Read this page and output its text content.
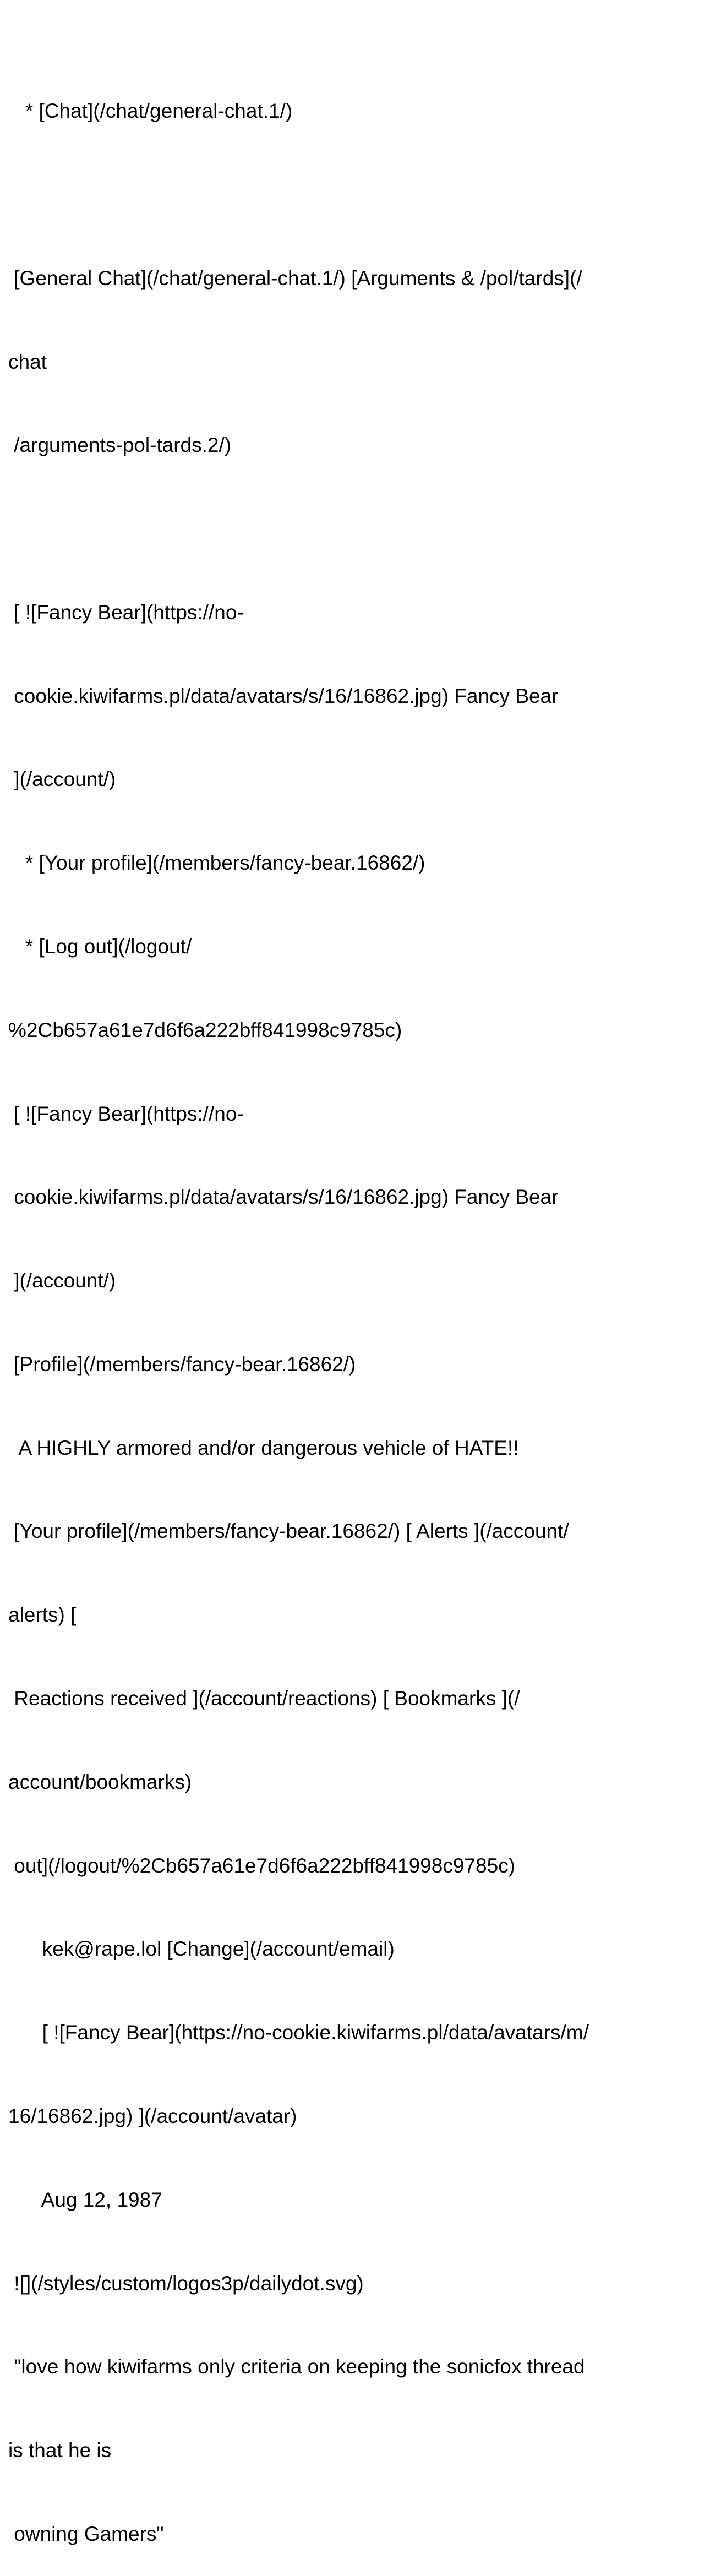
* [Chat](/chat/general-chat.1/)

[General Chat](/chat/general-chat.1/) [Arguments & /pol/tards](/

chat

/arguments-pol-tards.2/)

[ ![Fancy Bear](https://no-

cookie.kiwifarms.pl/data/avatars/s/16/16862.jpg) Fancy Bear

](/account/)

* [Your profile](/members/fancy-bear.16862/)

* [Log out](/logout/

%2Cb657a61e7d6f6a222bff841998c9785c)

[ ![Fancy Bear](https://no-

cookie.kiwifarms.pl/data/avatars/s/16/16862.jpg) Fancy Bear

](/account/)

[Profile](/members/fancy-bear.16862/)

A HIGHLY armored and/or dangerous vehicle of HATE!!

[Your profile](/members/fancy-bear.16862/) [ Alerts ](/account/

alerts) [

Reactions received ](/account/reactions) [ Bookmarks ](/

account/bookmarks)

out](/logout/%2Cb657a61e7d6f6a222bff841998c9785c)

kek@rape.lol [Change](/account/email)

[ ![Fancy Bear](https://no-cookie.kiwifarms.pl/data/avatars/m/

16/16862.jpg) ](/account/avatar)

Aug 12, 1987

![](/styles/custom/logos3p/dailydot.svg)

"love how kiwifarms only criteria on keeping the sonicfox thread

is that he is

owning Gamers"
